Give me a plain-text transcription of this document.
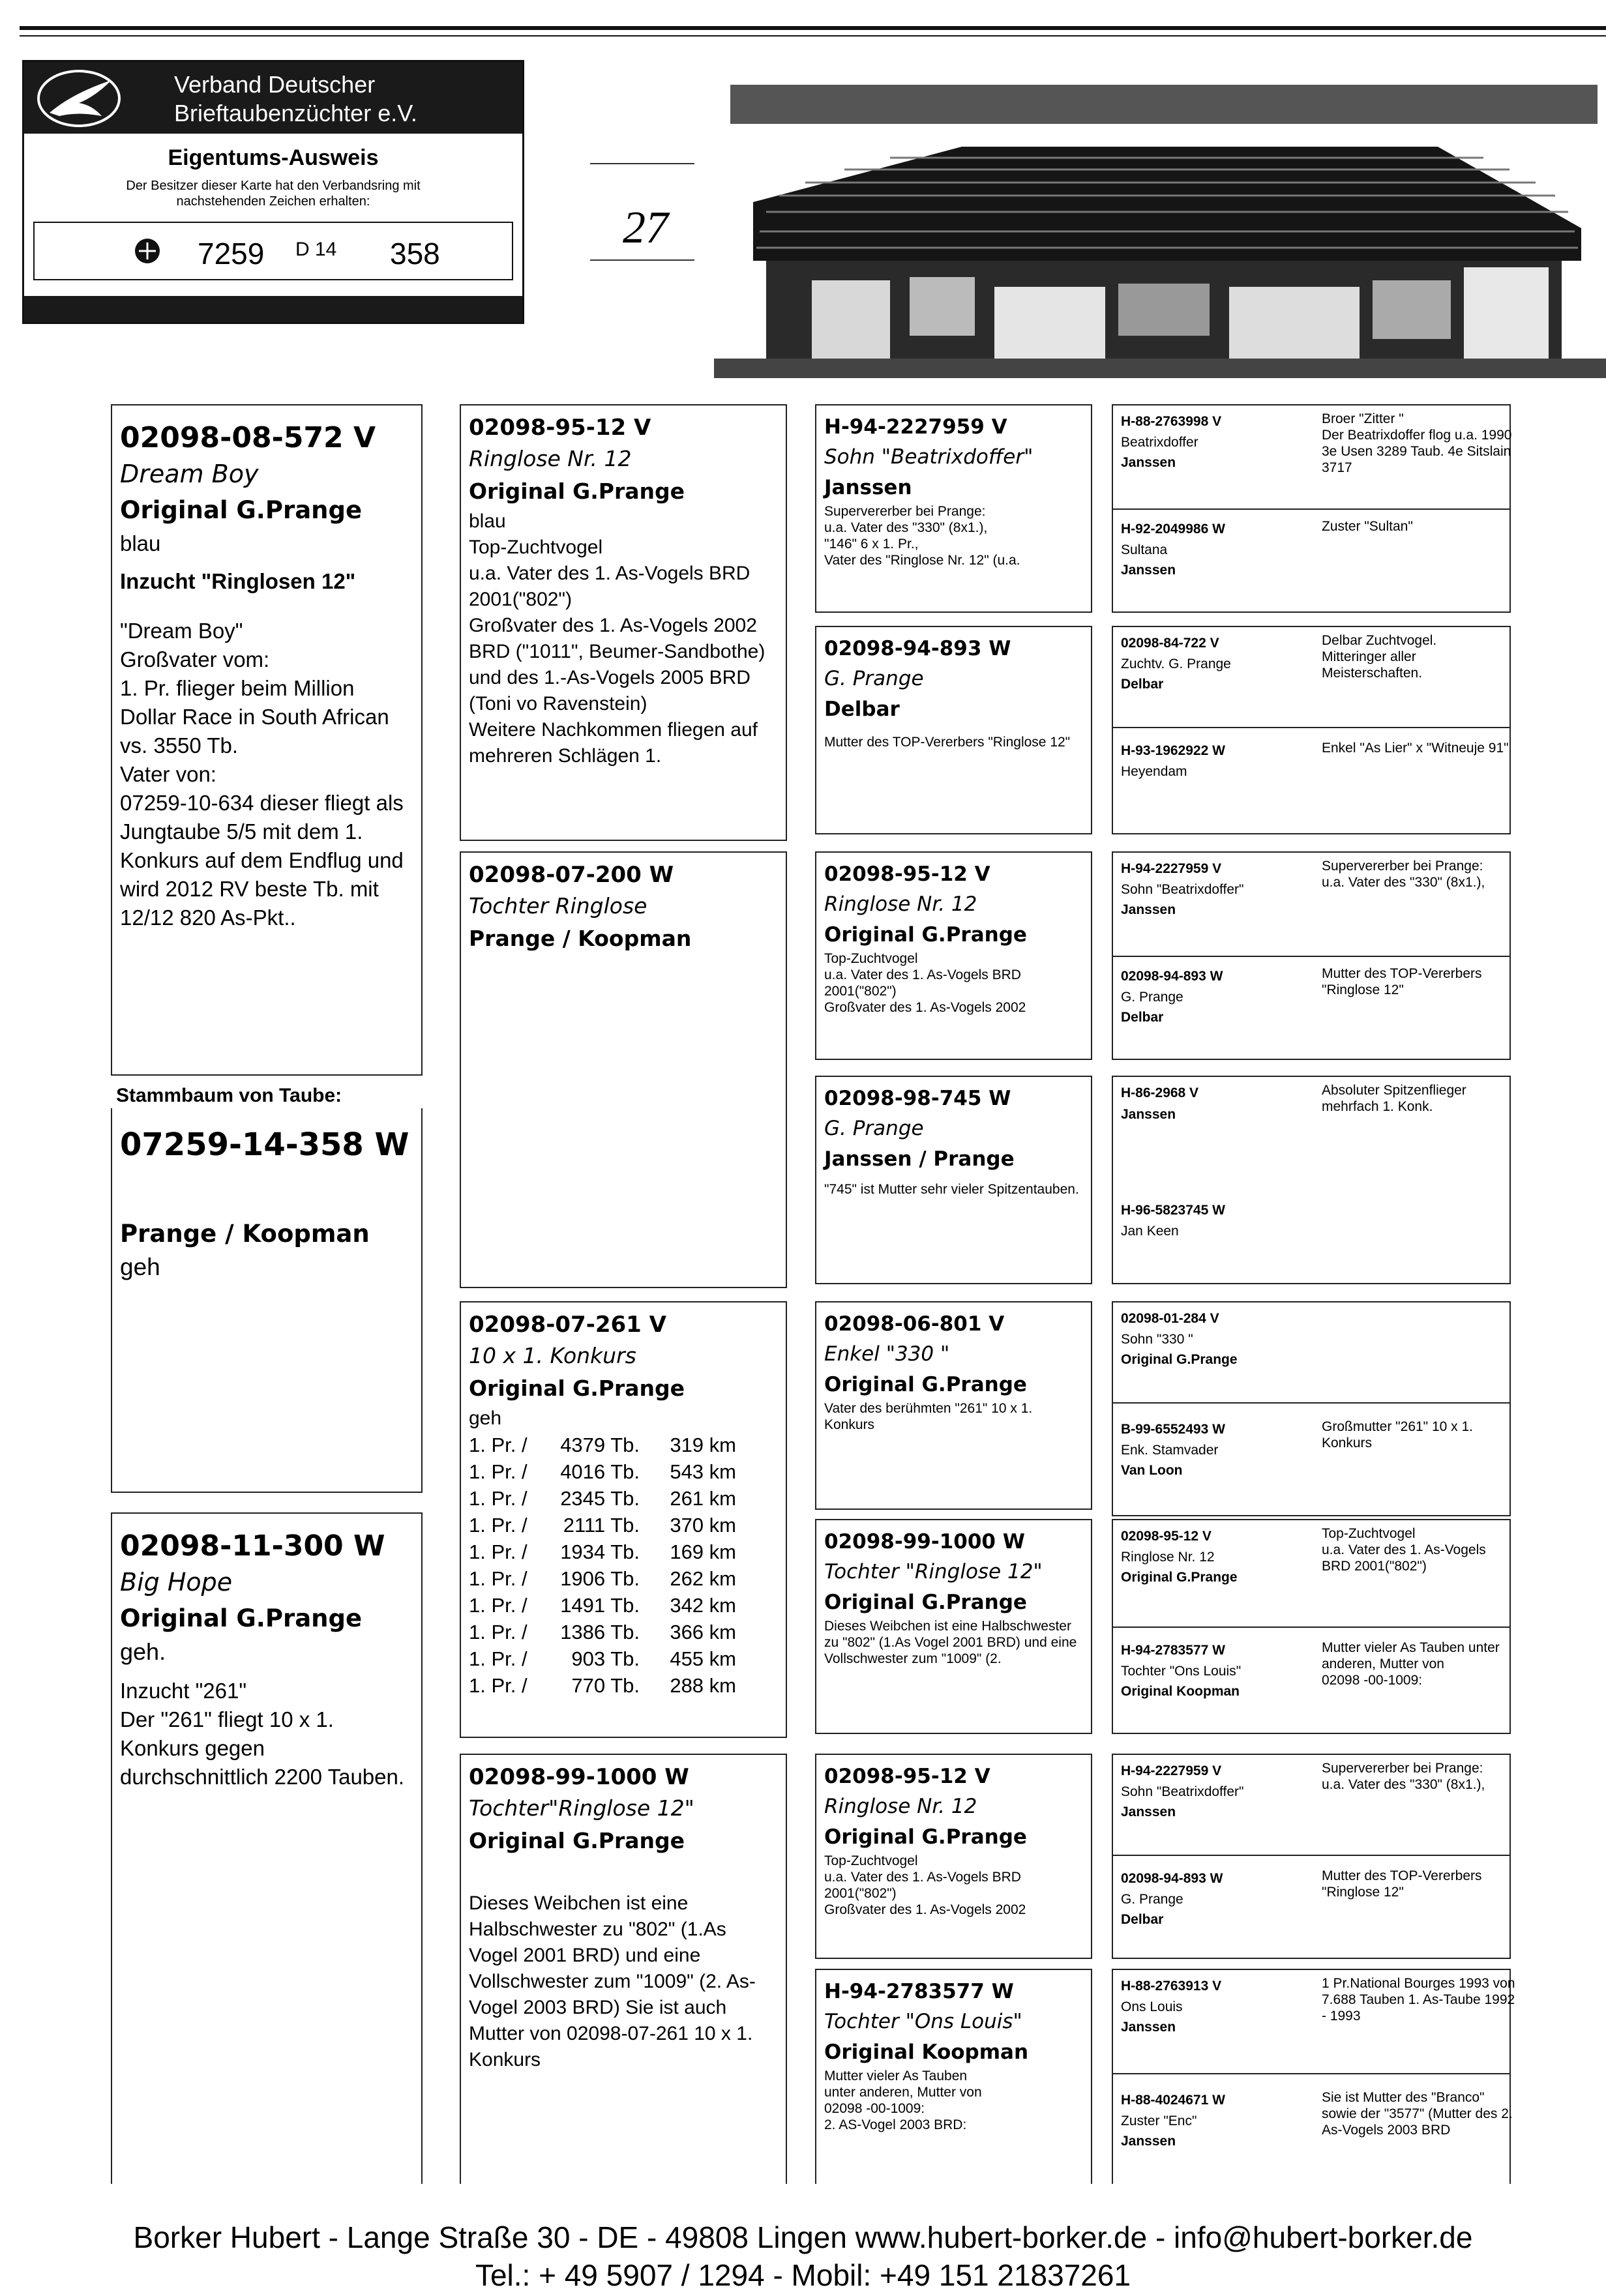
Verband Deutscher
Brieftaubenzüchter e.V.
Eigentums-Ausweis
Der Besitzer dieser Karte hat den Verbandsring mit nachstehenden Zeichen erhalten:
7259 D 14 358
27
02098-08-572 V
Dream Boy
Original G.Prange
blau
Inzucht "Ringlosen 12"
"Dream Boy"
Großvater vom:
1. Pr. flieger beim Million Dollar Race in South African vs. 3550 Tb.
Vater von:
07259-10-634 dieser fliegt als Jungtaube 5/5 mit dem 1. Konkurs auf dem Endflug und wird 2012 RV beste Tb. mit 12/12 820 As-Pkt..
Stammbaum von Taube:
07259-14-358 W
Prange / Koopman
geh
02098-11-300 W
Big Hope
Original G.Prange
geh.
Inzucht "261"
Der "261" fliegt 10 x 1. Konkurs gegen durchschnittlich 2200 Tauben.
02098-95-12 V
Ringlose Nr. 12
Original G.Prange
blau
Top-Zuchtvogel
u.a. Vater des 1. As-Vogels BRD 2001("802")
Großvater des 1. As-Vogels 2002 BRD ("1011", Beumer-Sandbothe)
und des 1.-As-Vogels 2005 BRD (Toni vo Ravenstein)
Weitere Nachkommen fliegen auf mehreren Schlägen 1.
02098-07-200 W
Tochter Ringlose
Prange / Koopman
02098-07-261 V
10 x 1. Konkurs
Original G.Prange
geh
1. Pr. / 4379 Tb. 319 km
1. Pr. / 4016 Tb. 543 km
1. Pr. / 2345 Tb. 261 km
1. Pr. / 2111 Tb. 370 km
1. Pr. / 1934 Tb. 169 km
1. Pr. / 1906 Tb. 262 km
1. Pr. / 1491 Tb. 342 km
1. Pr. / 1386 Tb. 366 km
1. Pr. / 903 Tb. 455 km
1. Pr. / 770 Tb. 288 km
02098-99-1000 W
Tochter"Ringlose 12"
Original G.Prange
Dieses Weibchen ist eine Halbschwester zu "802" (1.As Vogel 2001 BRD) und eine Vollschwester zum "1009" (2. As-Vogel 2003 BRD) Sie ist auch Mutter von 02098-07-261 10 x 1. Konkurs
H-94-2227959 V
Sohn "Beatrixdoffer"
Janssen
Supervererber bei Prange:
u.a. Vater des "330" (8x1.),
"146" 6 x 1. Pr.,
Vater des "Ringlose Nr. 12" (u.a.
02098-94-893 W
G. Prange
Delbar
Mutter des TOP-Vererbers "Ringlose 12"
02098-95-12 V
Ringlose Nr. 12
Original G.Prange
Top-Zuchtvogel
u.a. Vater des 1. As-Vogels BRD 2001("802")
Großvater des 1. As-Vogels 2002
02098-98-745 W
G. Prange
Janssen / Prange
"745" ist Mutter sehr vieler Spitzentauben.
02098-06-801 V
Enkel "330 "
Original G.Prange
Vater des berühmten "261" 10 x 1. Konkurs
02098-99-1000 W
Tochter "Ringlose 12"
Original G.Prange
Dieses Weibchen ist eine Halbschwester zu "802" (1.As Vogel 2001 BRD) und eine Vollschwester zum "1009" (2.
02098-95-12 V
Ringlose Nr. 12
Original G.Prange
Top-Zuchtvogel
u.a. Vater des 1. As-Vogels BRD 2001("802")
Großvater des 1. As-Vogels 2002
H-94-2783577 W
Tochter "Ons Louis"
Original Koopman
Mutter vieler As Tauben
unter anderen, Mutter von
02098 -00-1009:
2. AS-Vogel 2003 BRD:
H-88-2763998 V
Beatrixdoffer
Janssen
Broer "Zitter "
Der Beatrixdoffer flog u.a. 1990 3e Usen 3289 Taub. 4e Sitslain 3717
H-92-2049986 W
Sultana
Janssen
Zuster "Sultan"
02098-84-722 V
Zuchtv. G. Prange
Delbar
Delbar Zuchtvogel.
Mitteringer aller Meisterschaften.
H-93-1962922 W
Heyendam
Enkel "As Lier" x "Witneuje 91"
H-94-2227959 V
Sohn "Beatrixdoffer"
Janssen
Supervererber bei Prange:
u.a. Vater des "330" (8x1.),
02098-94-893 W
G. Prange
Delbar
Mutter des TOP-Vererbers "Ringlose 12"
H-86-2968 V
Janssen
Absoluter Spitzenflieger mehrfach 1. Konk.
H-96-5823745 W
Jan Keen
02098-01-284 V
Sohn "330 "
Original G.Prange
B-99-6552493 W
Enk. Stamvader
Van Loon
Großmutter "261" 10 x 1. Konkurs
02098-95-12 V
Ringlose Nr. 12
Original G.Prange
Top-Zuchtvogel
u.a. Vater des 1. As-Vogels BRD 2001("802")
H-94-2783577 W
Tochter "Ons Louis"
Original Koopman
Mutter vieler As Tauben unter anderen, Mutter von
02098 -00-1009:
H-94-2227959 V
Sohn "Beatrixdoffer"
Janssen
Supervererber bei Prange:
u.a. Vater des "330" (8x1.),
02098-94-893 W
G. Prange
Delbar
Mutter des TOP-Vererbers "Ringlose 12"
H-88-2763913 V
Ons Louis
Janssen
1 Pr.National Bourges 1993 von 7.688 Tauben 1. As-Taube 1992 - 1993
H-88-4024671 W
Zuster "Enc"
Janssen
Sie ist Mutter des "Branco" sowie der "3577" (Mutter des 2. As-Vogels 2003 BRD
Borker Hubert - Lange Straße 30 - DE - 49808 Lingen www.hubert-borker.de - info@hubert-borker.de
Tel.: + 49 5907 / 1294 - Mobil: +49 151 21837261
